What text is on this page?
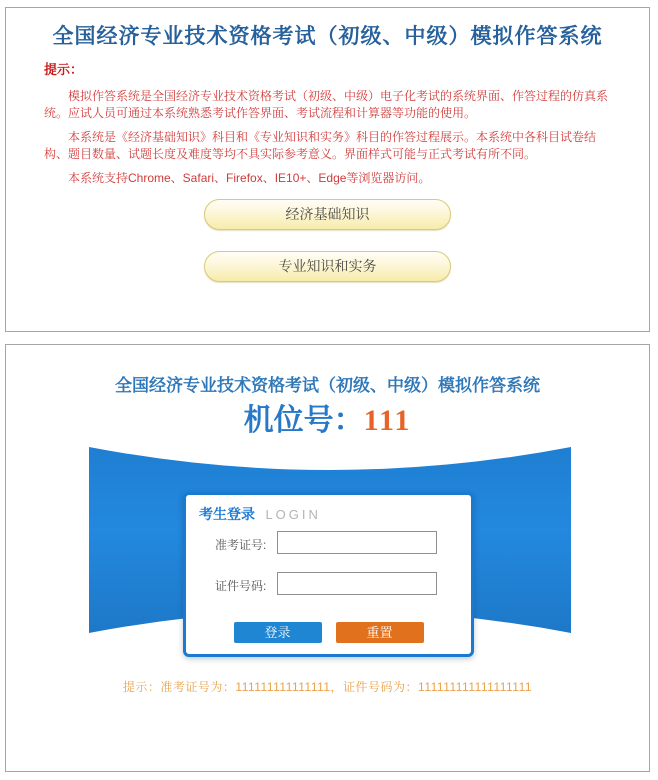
全国经济专业技术资格考试（初级、中级）模拟作答系统
提示：

模拟作答系统是全国经济专业技术资格考试（初级、中级）电子化考试的系统界面、作答过程的仿真系统。应试人员可通过本系统熟悉考试作答界面、考试流程和计算器等功能的使用。

本系统是《经济基础知识》科目和《专业知识和实务》科目的作答过程展示。本系统中各科目试卷结构、题目数量、试题长度及难度等均不具实际参考意义。界面样式可能与正式考试有所不同。

本系统支持Chrome、Safari、Firefox、IE10+、Edge等浏览器访问。

经济基础知识
专业知识和实务
全国经济专业技术资格考试（初级、中级）模拟作答系统
机位号：111
考生登录 LOGIN
准考证号:
证件号码:
登录	重置
提示：准考证号为：111111111111111，证件号码为：111111111111111111
